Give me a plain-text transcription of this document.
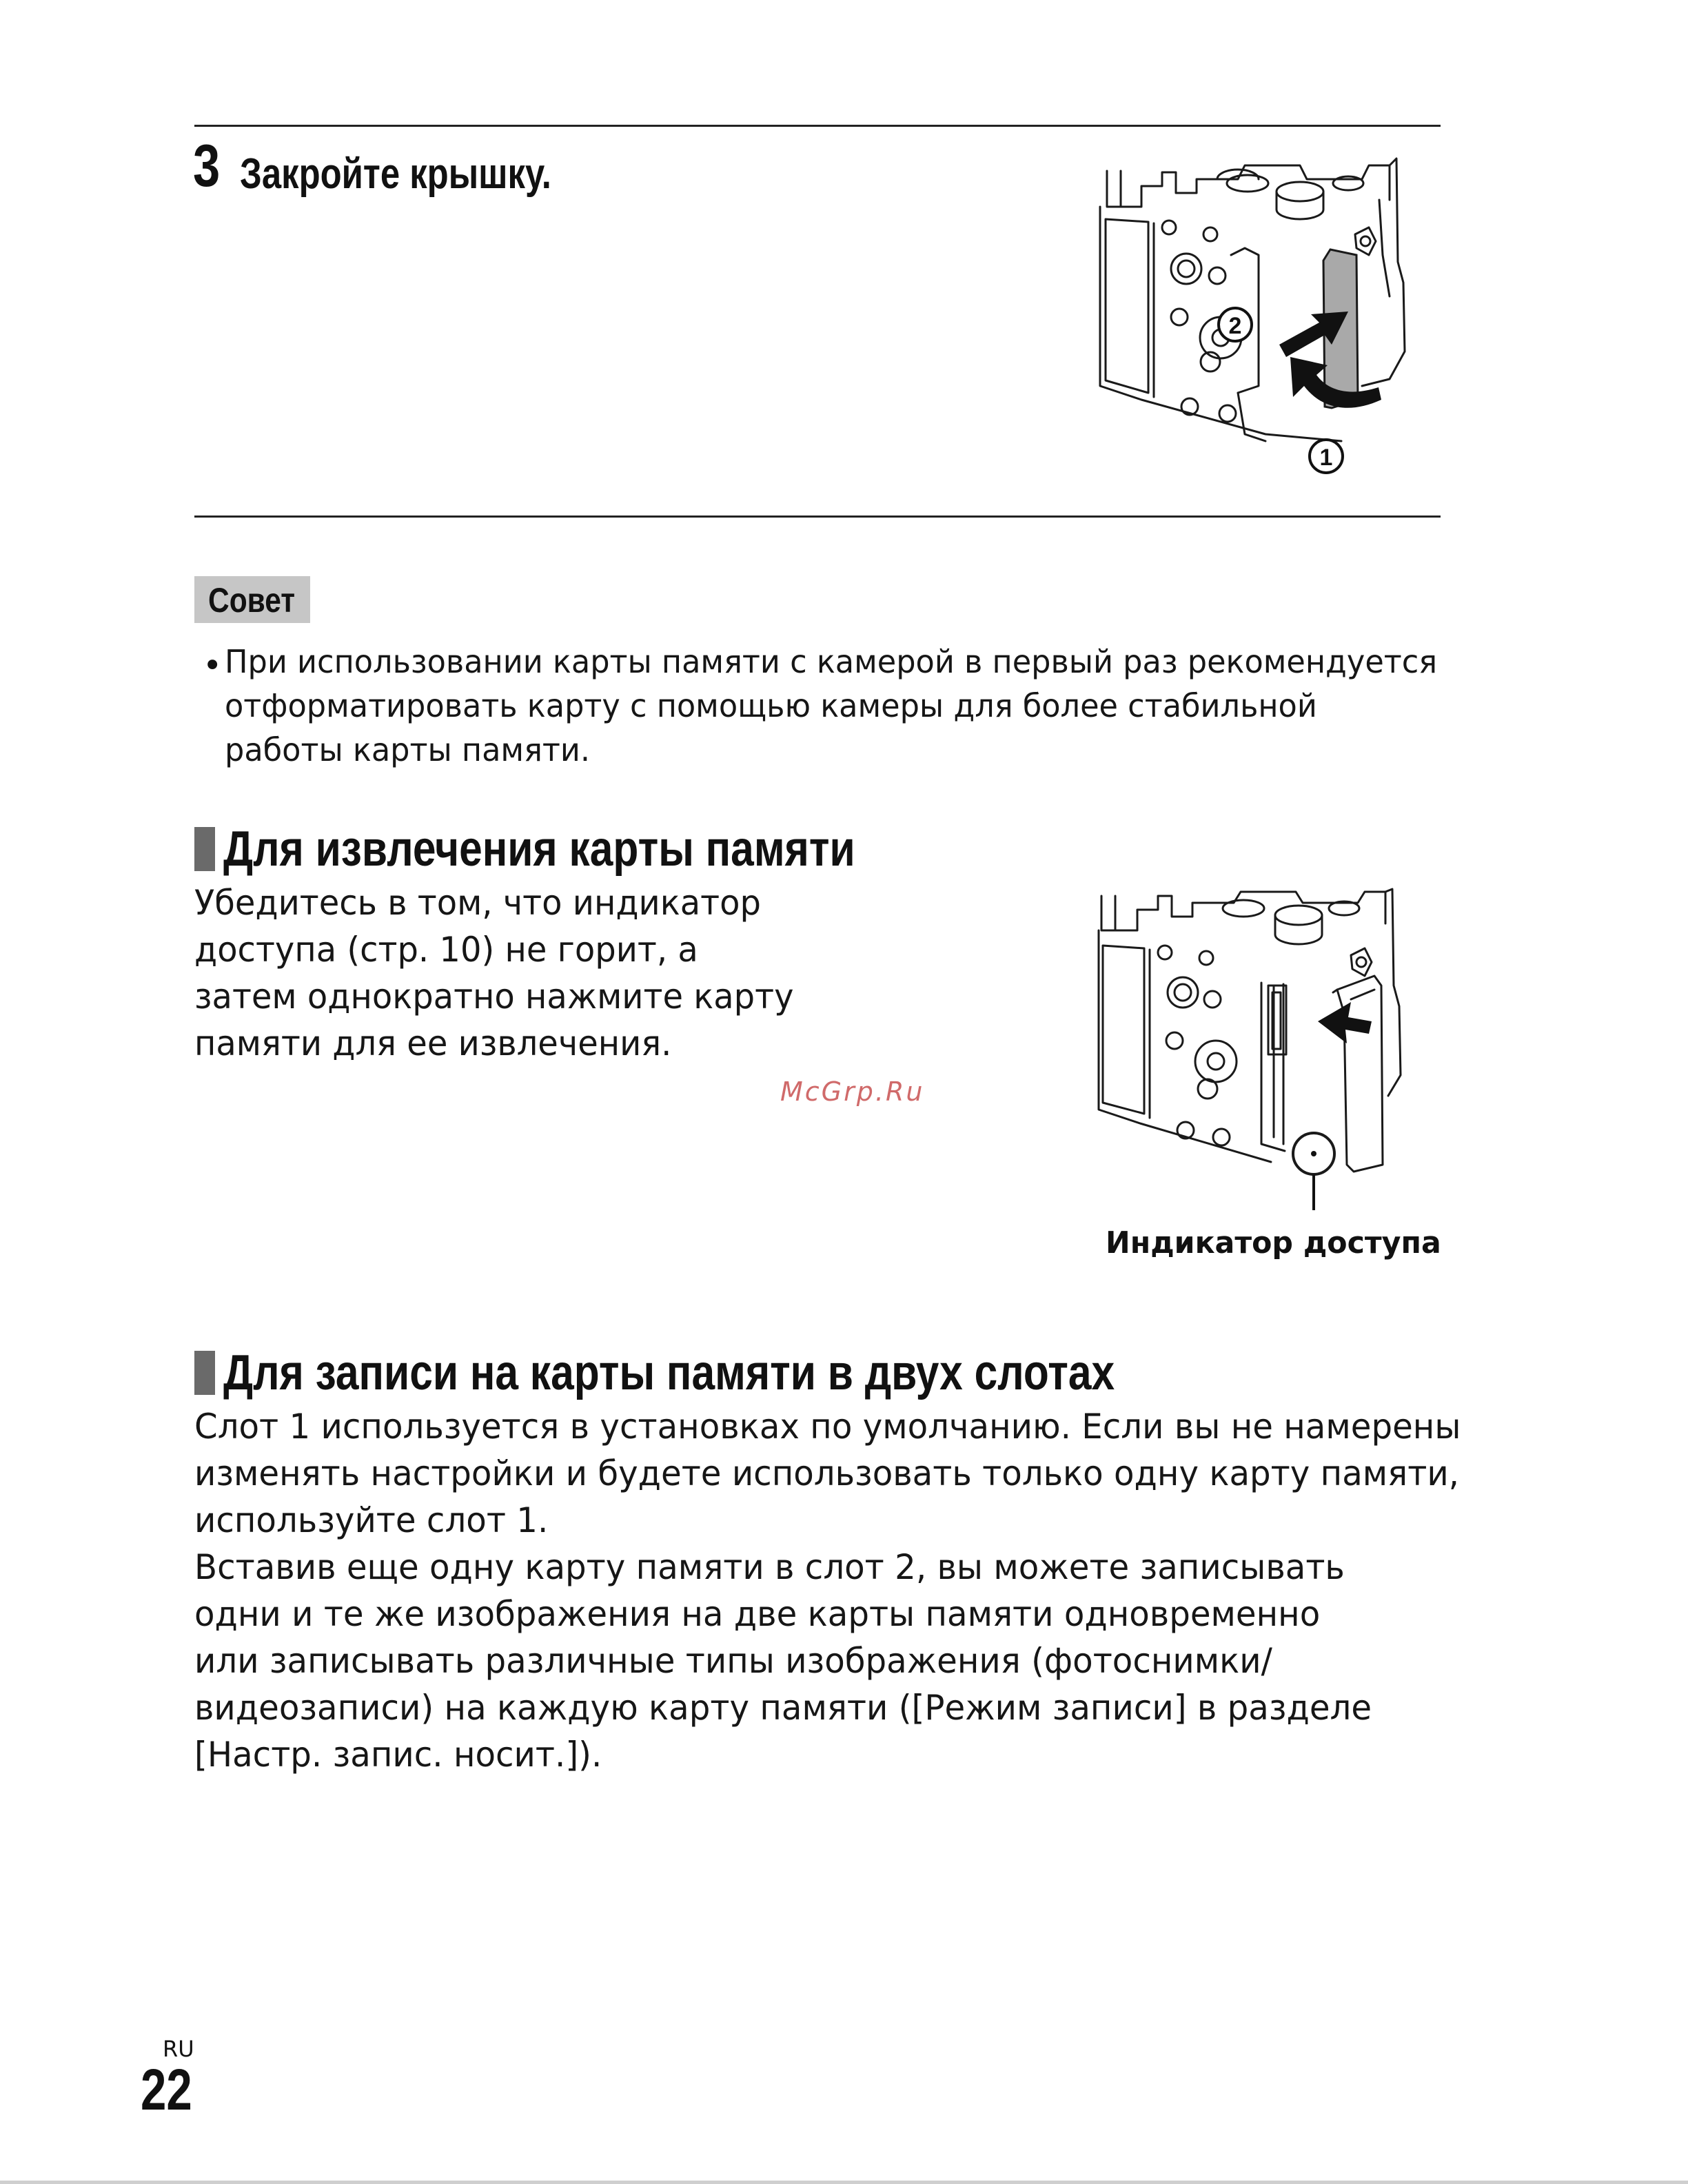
3 Закройте крышку.
2
1
Совет
• При использовании карты памяти с камерой в первый раз рекомендуется
отформатировать карту с помощью камеры для более стабильной
работы карты памяти.
Для извлечения карты памяти
Убедитесь в том, что индикатор
доступа (стр. 10) не горит, а
затем однократно нажмите карту
памяти для ее извлечения.
McGrp.Ru
Индикатор доступа
Для записи на карты памяти в двух слотах
Слот 1 используется в установках по умолчанию. Если вы не намерены
изменять настройки и будете использовать только одну карту памяти,
используйте слот 1.
Вставив еще одну карту памяти в слот 2, вы можете записывать
одни и те же изображения на две карты памяти одновременно
или записывать различные типы изображения (фотоснимки/
видеозаписи) на каждую карту памяти ([Режим записи] в разделе
[Настр. запис. носит.]).
RU
22
